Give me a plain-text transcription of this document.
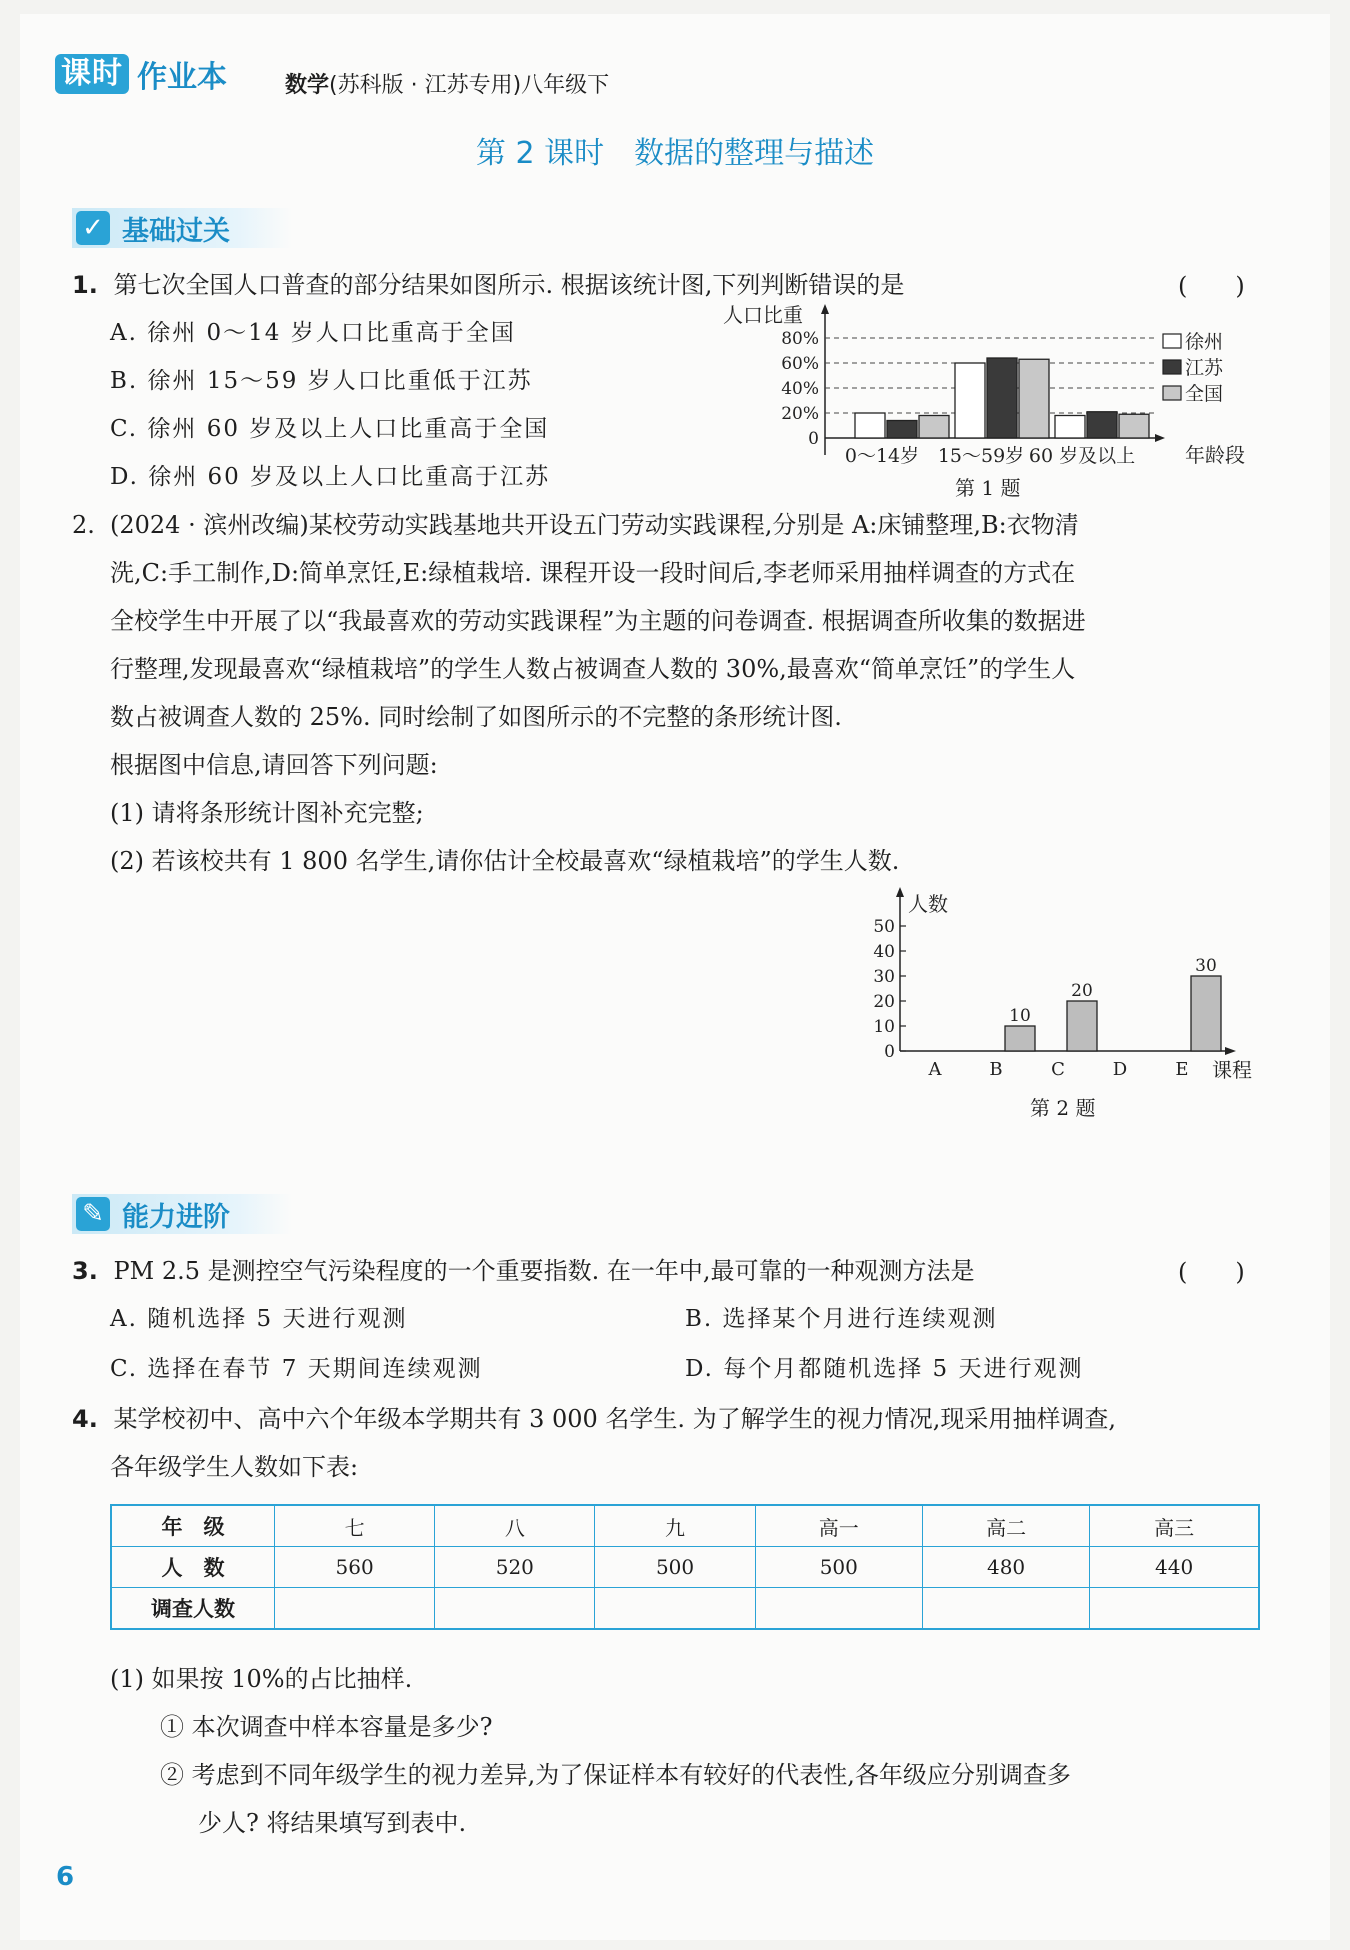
课时 作业本	数学(苏科版 · 江苏专用)八年级下
第 2 课时　数据的整理与描述
✓ 基础过关
1. 第七次全国人口普查的部分结果如图所示. 根据该统计图,下列判断错误的是	(　　)
A. 徐州 0～14 岁人口比重高于全国
B. 徐州 15～59 岁人口比重低于江苏
C. 徐州 60 岁及以上人口比重高于全国
D. 徐州 60 岁及以上人口比重高于江苏
人口比重
年龄段
0
20%
40%
60%
80%
0～14岁 15～59岁 60 岁及以上
徐州
江苏
全国
第 1 题
2. (2024 · 滨州改编)某校劳动实践基地共开设五门劳动实践课程,分别是 A:床铺整理,B:衣物清
洗,C:手工制作,D:简单烹饪,E:绿植栽培. 课程开设一段时间后,李老师采用抽样调查的方式在
全校学生中开展了以“我最喜欢的劳动实践课程”为主题的问卷调查. 根据调查所收集的数据进
行整理,发现最喜欢“绿植栽培”的学生人数占被调查人数的 30%,最喜欢“简单烹饪”的学生人
数占被调查人数的 25%. 同时绘制了如图所示的不完整的条形统计图.
根据图中信息,请回答下列问题:
(1) 请将条形统计图补充完整;
(2) 若该校共有 1 800 名学生,请你估计全校最喜欢“绿植栽培”的学生人数.
人数
课程
0
10
20
30
40
50
10
20
30
A	B	C	D	E
第 2 题
✎ 能力进阶
3. PM 2.5 是测控空气污染程度的一个重要指数. 在一年中,最可靠的一种观测方法是	(　　)
A. 随机选择 5 天进行观测	B. 选择某个月进行连续观测
C. 选择在春节 7 天期间连续观测	D. 每个月都随机选择 5 天进行观测
4. 某学校初中、高中六个年级本学期共有 3 000 名学生. 为了解学生的视力情况,现采用抽样调查,
各年级学生人数如下表:
年　级	七	八	九	高一	高二	高三
人　数	560	520	500	500	480	440
调查人数						
(1) 如果按 10%的占比抽样.
① 本次调查中样本容量是多少?
② 考虑到不同年级学生的视力差异,为了保证样本有较好的代表性,各年级应分别调查多
少人? 将结果填写到表中.
6
